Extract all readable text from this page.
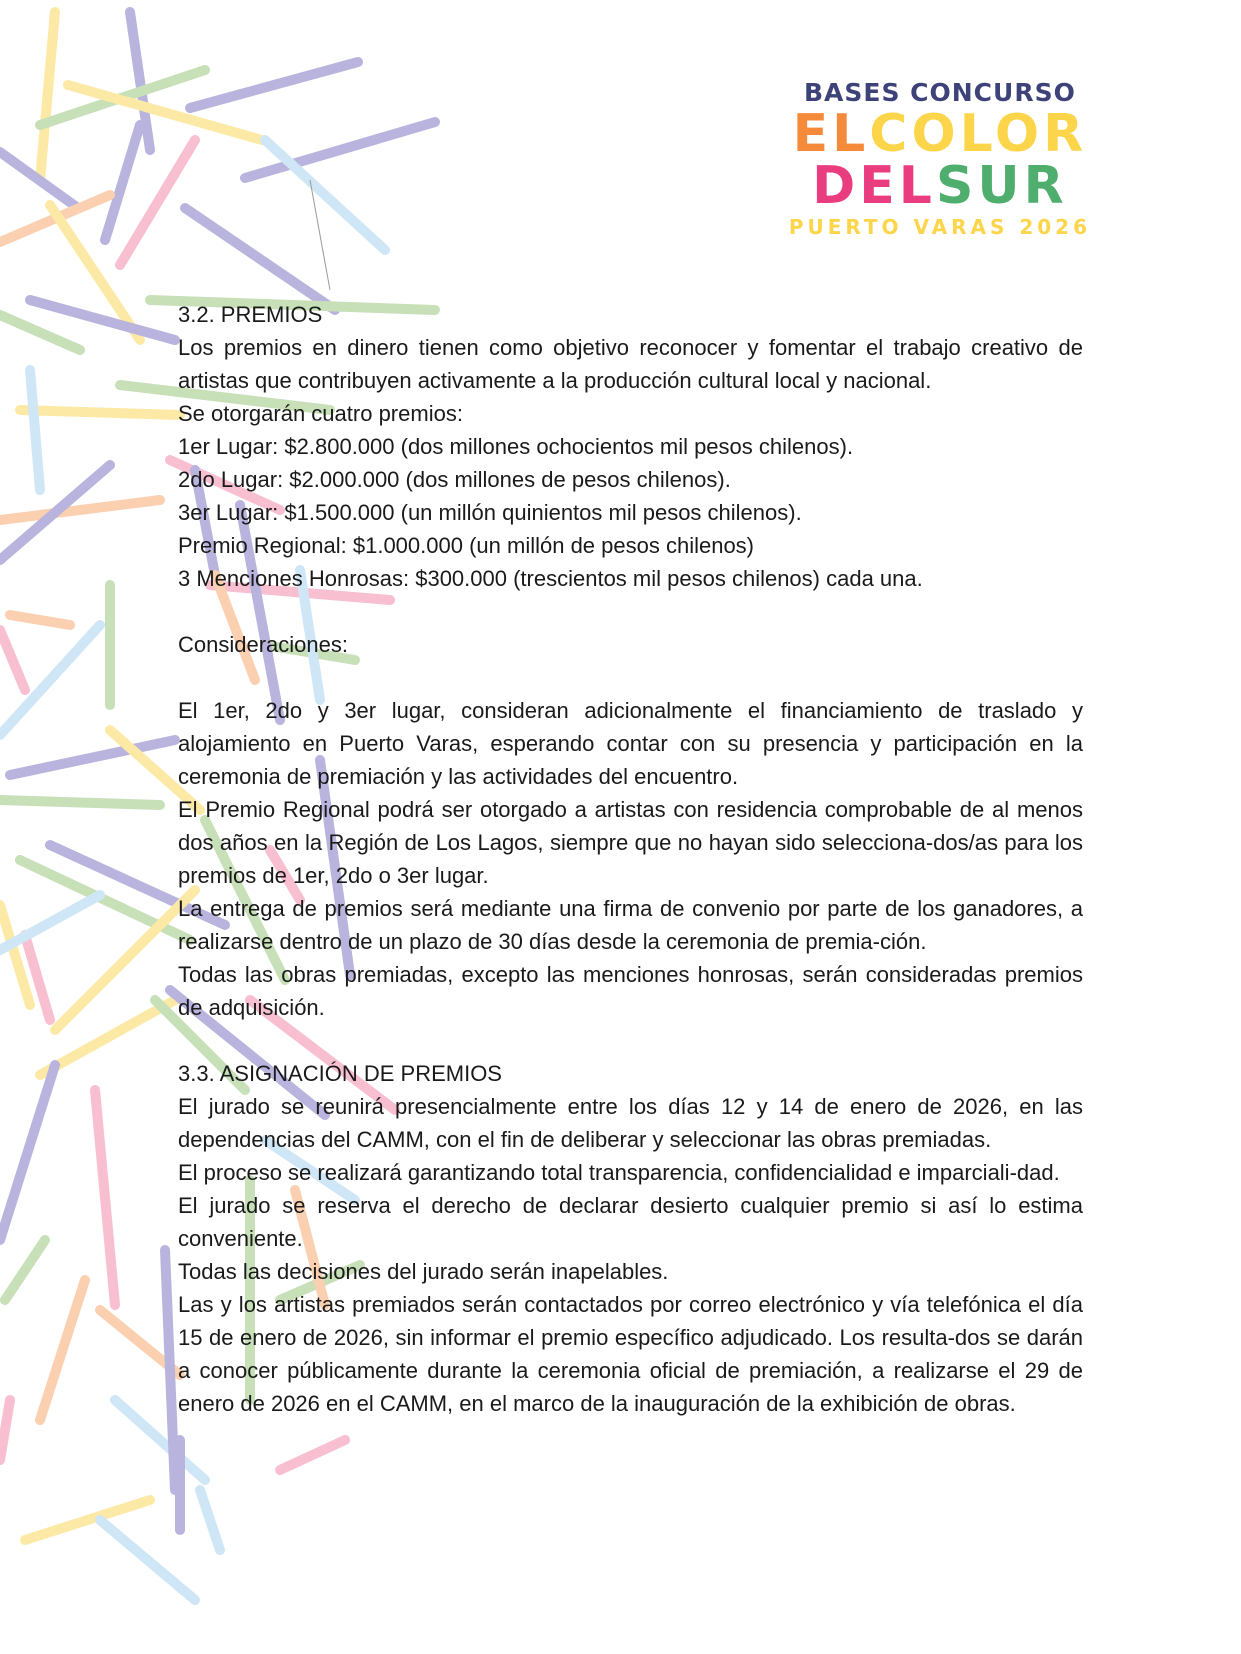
BASES CONCURSO
ELCOLOR
DELSUR
PUERTO VARAS 2026

3.2. PREMIOS

Los premios en dinero tienen como objetivo reconocer y fomentar el trabajo creativo de artistas que contribuyen activamente a la producción cultural local y nacional.

Se otorgarán cuatro premios:

1er Lugar: $2.800.000 (dos millones ochocientos mil pesos chilenos).

2do Lugar: $2.000.000 (dos millones de pesos chilenos).

3er Lugar: $1.500.000 (un millón quinientos mil pesos chilenos).

Premio Regional: $1.000.000 (un millón de pesos chilenos)

3 Menciones Honrosas: $300.000 (trescientos mil pesos chilenos) cada una.

Consideraciones:

El 1er, 2do y 3er lugar, consideran adicionalmente el financiamiento de traslado y alojamiento en Puerto Varas, esperando contar con su presencia y participación en la ceremonia de premiación y las actividades del encuentro.

El Premio Regional podrá ser otorgado a artistas con residencia comprobable de al menos dos años en la Región de Los Lagos, siempre que no hayan sido selecciona-dos/as para los premios de 1er, 2do o 3er lugar.

La entrega de premios será mediante una firma de convenio por parte de los ganadores, a realizarse dentro de un plazo de 30 días desde la ceremonia de premia-ción.

Todas las obras premiadas, excepto las menciones honrosas, serán consideradas premios de adquisición.

3.3. ASIGNACIÓN DE PREMIOS

El jurado se reunirá presencialmente entre los días 12 y 14 de enero de 2026, en las dependencias del CAMM, con el fin de deliberar y seleccionar las obras premiadas.

El proceso se realizará garantizando total transparencia, confidencialidad e imparciali-dad.

El jurado se reserva el derecho de declarar desierto cualquier premio si así lo estima conveniente.

Todas las decisiones del jurado serán inapelables.

Las y los artistas premiados serán contactados por correo electrónico y vía telefónica el día 15 de enero de 2026, sin informar el premio específico adjudicado. Los resulta-dos se darán a conocer públicamente durante la ceremonia oficial de premiación, a realizarse el 29 de enero de 2026 en el CAMM, en el marco de la inauguración de la exhibición de obras.
